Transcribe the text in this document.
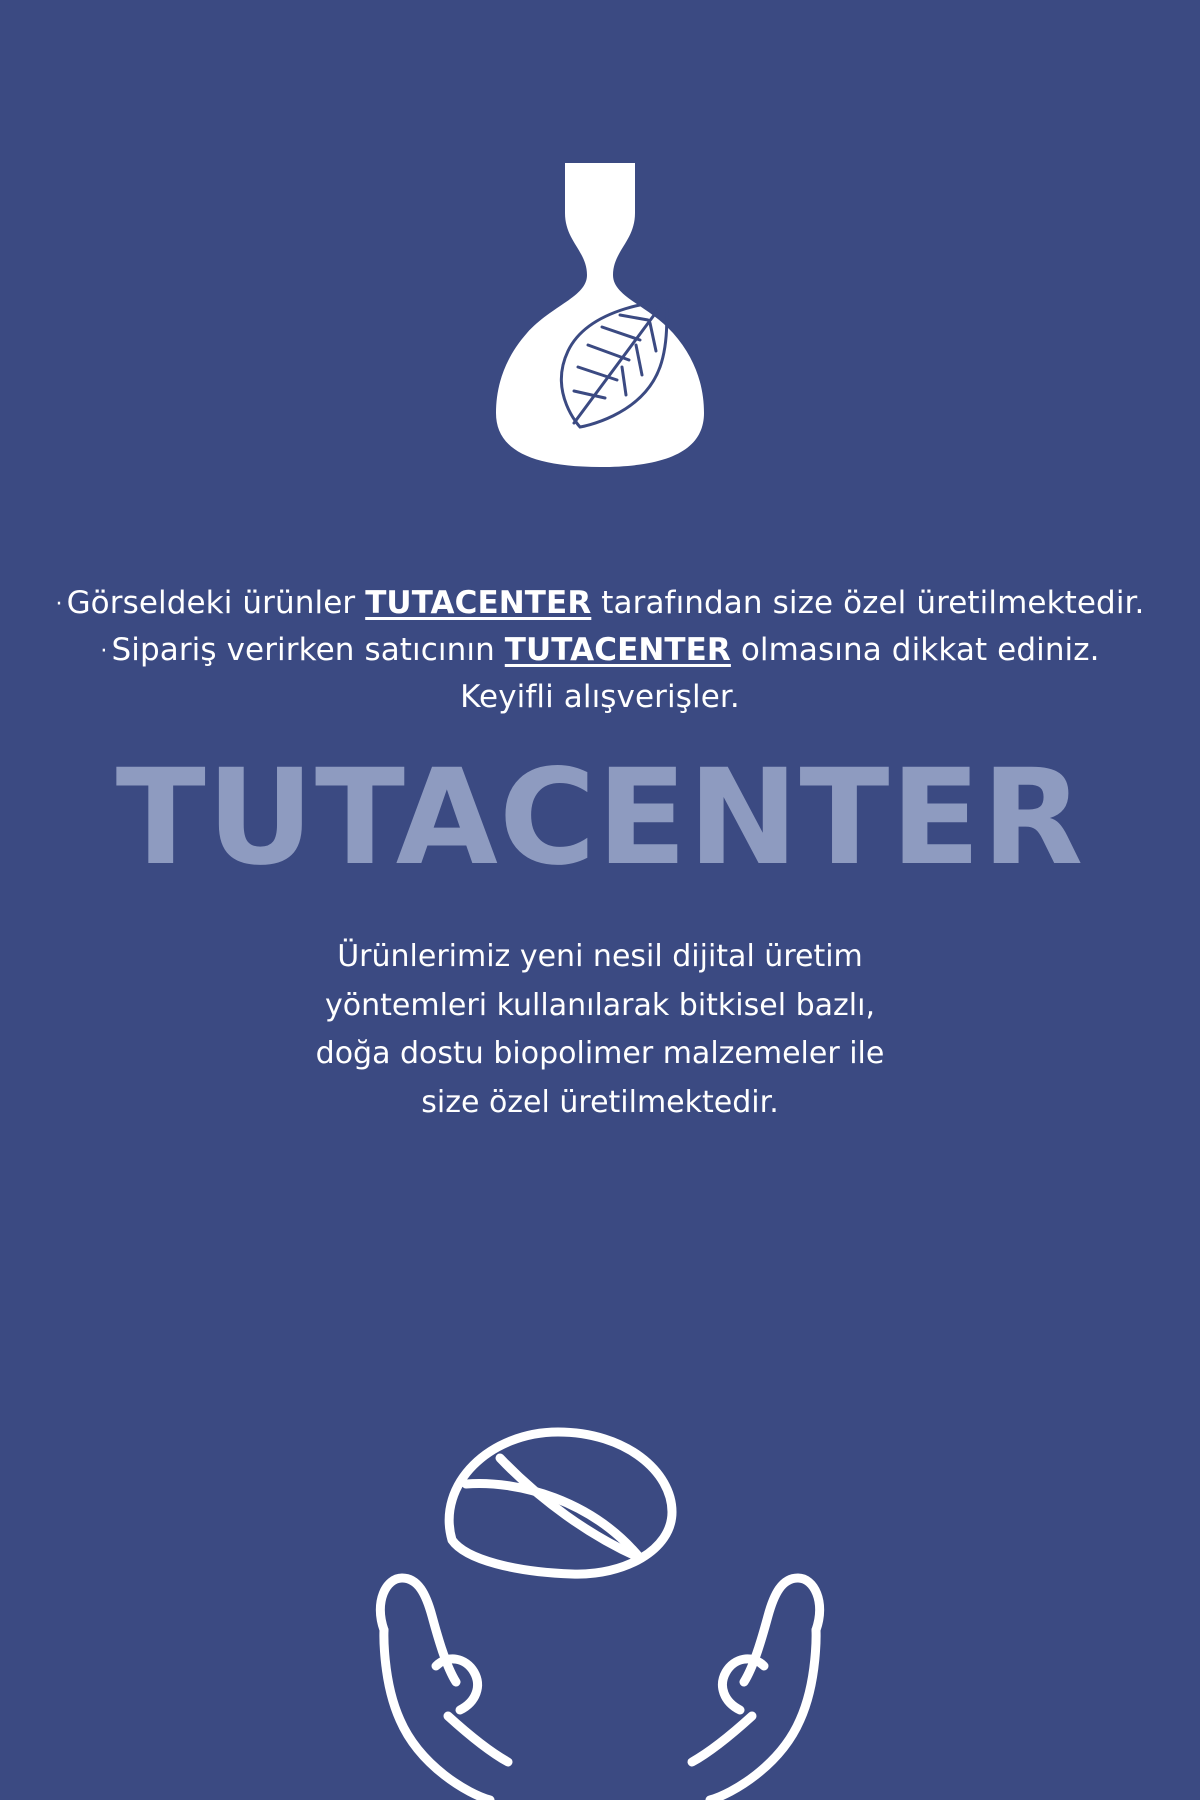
· Görseldeki ürünler TUTACENTER tarafından size özel üretilmektedir.
· Sipariş verirken satıcının TUTACENTER olmasına dikkat ediniz.
Keyifli alışverişler.
TUTACENTER
Ürünlerimiz yeni nesil dijital üretim
yöntemleri kullanılarak bitkisel bazlı,
doğa dostu biopolimer malzemeler ile
size özel üretilmektedir.
